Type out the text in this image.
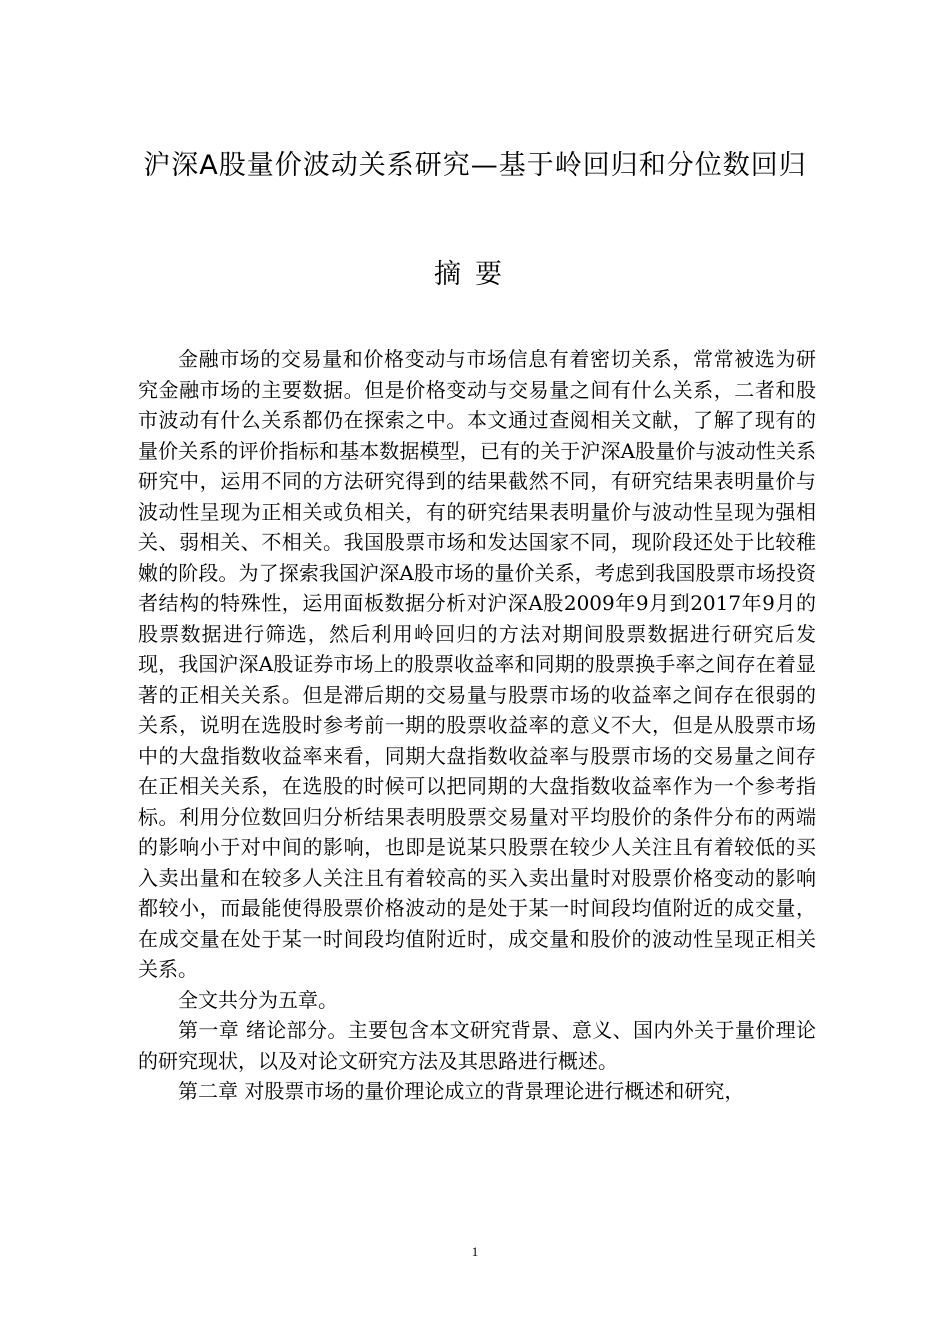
沪深A股量价波动关系研究—基于岭回归和分位数回归
摘要

金融市场的交易量和价格变动与市场信息有着密切关系，常常被选为研究金融市场的主要数据。但是价格变动与交易量之间有什么关系，二者和股市波动有什么关系都仍在探索之中。本文通过查阅相关文献，了解了现有的量价关系的评价指标和基本数据模型，已有的关于沪深A股量价与波动性关系研究中，运用不同的方法研究得到的结果截然不同，有研究结果表明量价与波动性呈现为正相关或负相关，有的研究结果表明量价与波动性呈现为强相关、弱相关、不相关。我国股票市场和发达国家不同，现阶段还处于比较稚嫩的阶段。为了探索我国沪深A股市场的量价关系，考虑到我国股票市场投资者结构的特殊性，运用面板数据分析对沪深A股2009年9月到2017年9月的股票数据进行筛选，然后利用岭回归的方法对期间股票数据进行研究后发现，我国沪深A股证券市场上的股票收益率和同期的股票换手率之间存在着显著的正相关关系。但是滞后期的交易量与股票市场的收益率之间存在很弱的关系，说明在选股时参考前一期的股票收益率的意义不大，但是从股票市场中的大盘指数收益率来看，同期大盘指数收益率与股票市场的交易量之间存在正相关关系，在选股的时候可以把同期的大盘指数收益率作为一个参考指标。利用分位数回归分析结果表明股票交易量对平均股价的条件分布的两端的影响小于对中间的影响，也即是说某只股票在较少人关注且有着较低的买入卖出量和在较多人关注且有着较高的买入卖出量时对股票价格变动的影响都较小，而最能使得股票价格波动的是处于某一时间段均值附近的成交量，在成交量在处于某一时间段均值附近时，成交量和股价的波动性呈现正相关关系。

全文共分为五章。

第一章 绪论部分。主要包含本文研究背景、意义、国内外关于量价理论的研究现状，以及对论文研究方法及其思路进行概述。

第二章 对股票市场的量价理论成立的背景理论进行概述和研究，

1
